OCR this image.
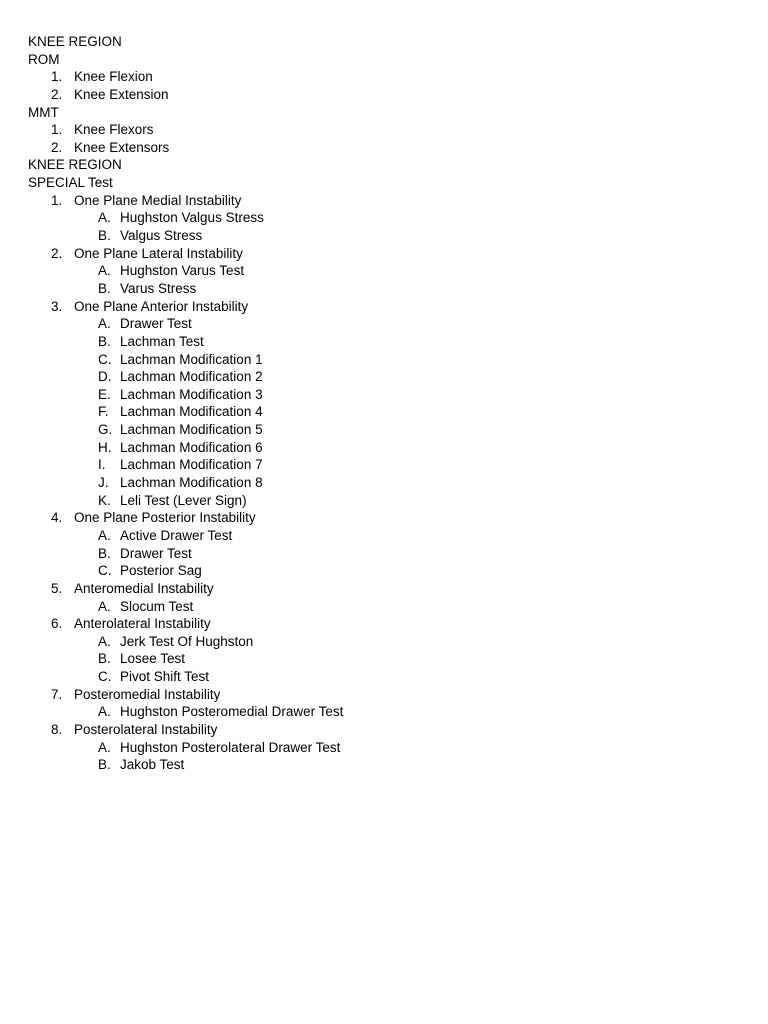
KNEE REGION
ROM
1. Knee Flexion
2. Knee Extension
MMT
1. Knee Flexors
2. Knee Extensors
KNEE REGION
SPECIAL Test
1. One Plane Medial Instability
A. Hughston Valgus Stress
B. Valgus Stress
2. One Plane Lateral Instability
A. Hughston Varus Test
B. Varus Stress
3. One Plane Anterior Instability
A. Drawer Test
B. Lachman Test
C. Lachman Modification 1
D. Lachman Modification 2
E. Lachman Modification 3
F. Lachman Modification 4
G. Lachman Modification 5
H. Lachman Modification 6
I. Lachman Modification 7
J. Lachman Modification 8
K. Leli Test (Lever Sign)
4. One Plane Posterior Instability
A. Active Drawer Test
B. Drawer Test
C. Posterior Sag
5. Anteromedial Instability
A. Slocum Test
6. Anterolateral Instability
A. Jerk Test Of Hughston
B. Losee Test
C. Pivot Shift Test
7. Posteromedial Instability
A. Hughston Posteromedial Drawer Test
8. Posterolateral Instability
A. Hughston Posterolateral Drawer Test
B. Jakob Test
